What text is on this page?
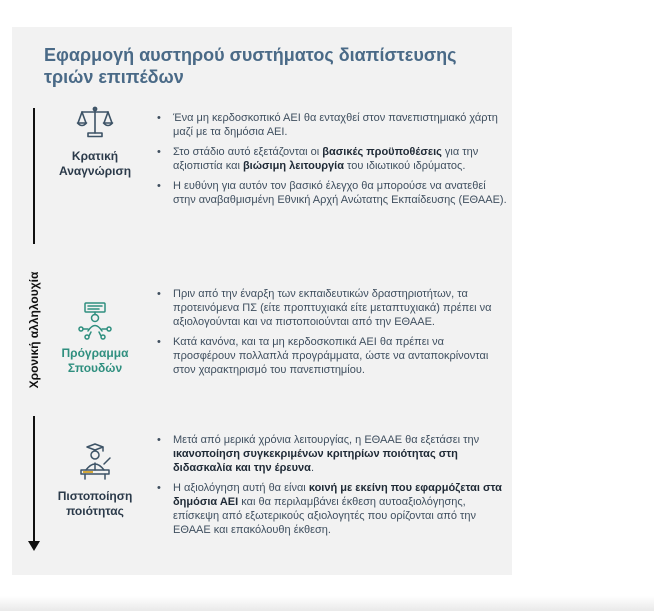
Εφαρμογή αυστηρού συστήματος διαπίστευσης τριών επιπέδων
Χρονική αλληλουχία
Κρατική
Αναγνώριση
• Ένα μη κερδοσκοπικό ΑΕΙ θα ενταχθεί στον πανεπιστημιακό χάρτη μαζί με τα δημόσια ΑΕΙ.
• Στο στάδιο αυτό εξετάζονται οι βασικές προϋποθέσεις για την αξιοπιστία και βιώσιμη λειτουργία του ιδιωτικού ιδρύματος.
• Η ευθύνη για αυτόν τον βασικό έλεγχο θα μπορούσε να ανατεθεί στην αναβαθμισμένη Εθνική Αρχή Ανώτατης Εκπαίδευσης (ΕΘΑΑΕ).
Πρόγραμμα
Σπουδών
• Πριν από την έναρξη των εκπαιδευτικών δραστηριοτήτων, τα προτεινόμενα ΠΣ (είτε προπτυχιακά είτε μεταπτυχιακά) πρέπει να αξιολογούνται και να πιστοποιούνται από την ΕΘΑΑΕ.
• Κατά κανόνα, και τα μη κερδοσκοπικά ΑΕΙ θα πρέπει να προσφέρουν πολλαπλά προγράμματα, ώστε να ανταποκρίνονται στον χαρακτηρισμό του πανεπιστημίου.
Πιστοποίηση
ποιότητας
• Μετά από μερικά χρόνια λειτουργίας, η ΕΘΑΑΕ θα εξετάσει την ικανοποίηση συγκεκριμένων κριτηρίων ποιότητας στη διδασκαλία και την έρευνα.
• Η αξιολόγηση αυτή θα είναι κοινή με εκείνη που εφαρμόζεται στα δημόσια ΑΕΙ και θα περιλαμβάνει έκθεση αυτοαξιολόγησης, επίσκεψη από εξωτερικούς αξιολογητές που ορίζονται από την ΕΘΑΑΕ και επακόλουθη έκθεση.
